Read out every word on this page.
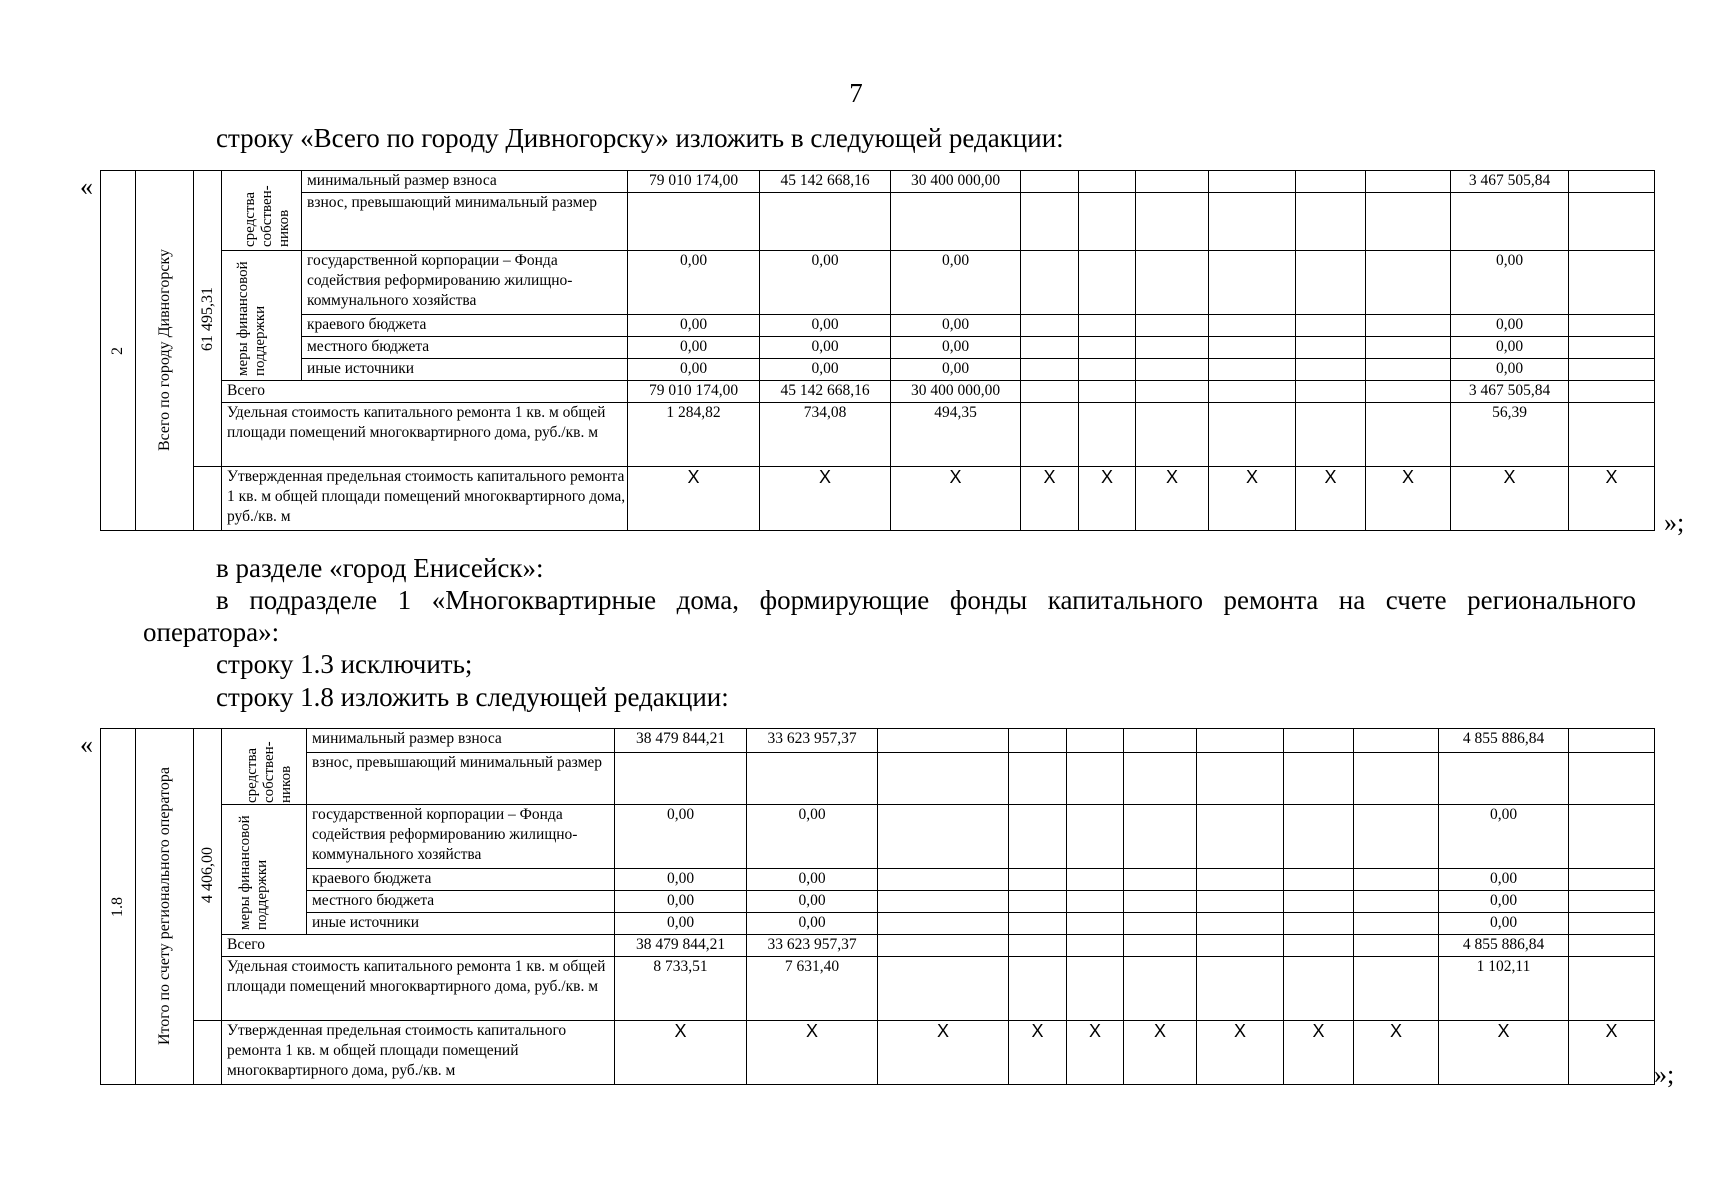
7
строку «Всего по городу Дивногорску» изложить в следующей редакции:
«
2	Всего по городу Дивногорску	61 495,31	средства собствен-ников	минимальный размер взноса	79 010 174,00	45 142 668,16	30 400 000,00							3 467 505,84	
				взнос, превышающий минимальный размер											

			меры финансовой поддержки	государственной корпорации – Фонда содействия реформированию жилищно-коммунального хозяйства	0,00	0,00	0,00							0,00	
				краевого бюджета	0,00	0,00	0,00							0,00	
				местного бюджета	0,00	0,00	0,00							0,00	
				иные источники	0,00	0,00	0,00							0,00	
			Всего		79 010 174,00	45 142 668,16	30 400 000,00							3 467 505,84	
			Удельная стоимость капитального ремонта 1 кв. м общей площади помещений многоквартирного дома, руб./кв. м		1 284,82	734,08	494,35							56,39	
			Утвержденная предельная стоимость капитального ремонта 1 кв. м общей площади помещений многоквартирного дома, руб./кв. м		X	X	X	X	X	X	X	X	X	X	X
»;
в разделе «город Енисейск»:
в подразделе 1 «Многоквартирные дома, формирующие фонды капитального ремонта на счете регионального
оператора»:
строку 1.3 исключить;
строку 1.8 изложить в следующей редакции:
«
1.8	Итого по счету регионального оператора	4 406,00	средства собствен-ников	минимальный размер взноса	38 479 844,21	33 623 957,37								4 855 886,84	
				взнос, превышающий минимальный размер											

			меры финансовой поддержки	государственной корпорации – Фонда содействия реформированию жилищно-коммунального хозяйства	0,00	0,00								0,00	
				краевого бюджета	0,00	0,00								0,00	
				местного бюджета	0,00	0,00								0,00	
				иные источники	0,00	0,00								0,00	
			Всего		38 479 844,21	33 623 957,37								4 855 886,84	
			Удельная стоимость капитального ремонта 1 кв. м общей площади помещений многоквартирного дома, руб./кв. м		8 733,51	7 631,40								1 102,11	
			Утвержденная предельная стоимость капитального ремонта 1 кв. м общей площади помещений многоквартирного дома, руб./кв. м		X	X	X	X	X	X	X	X	X	X	X
»;
